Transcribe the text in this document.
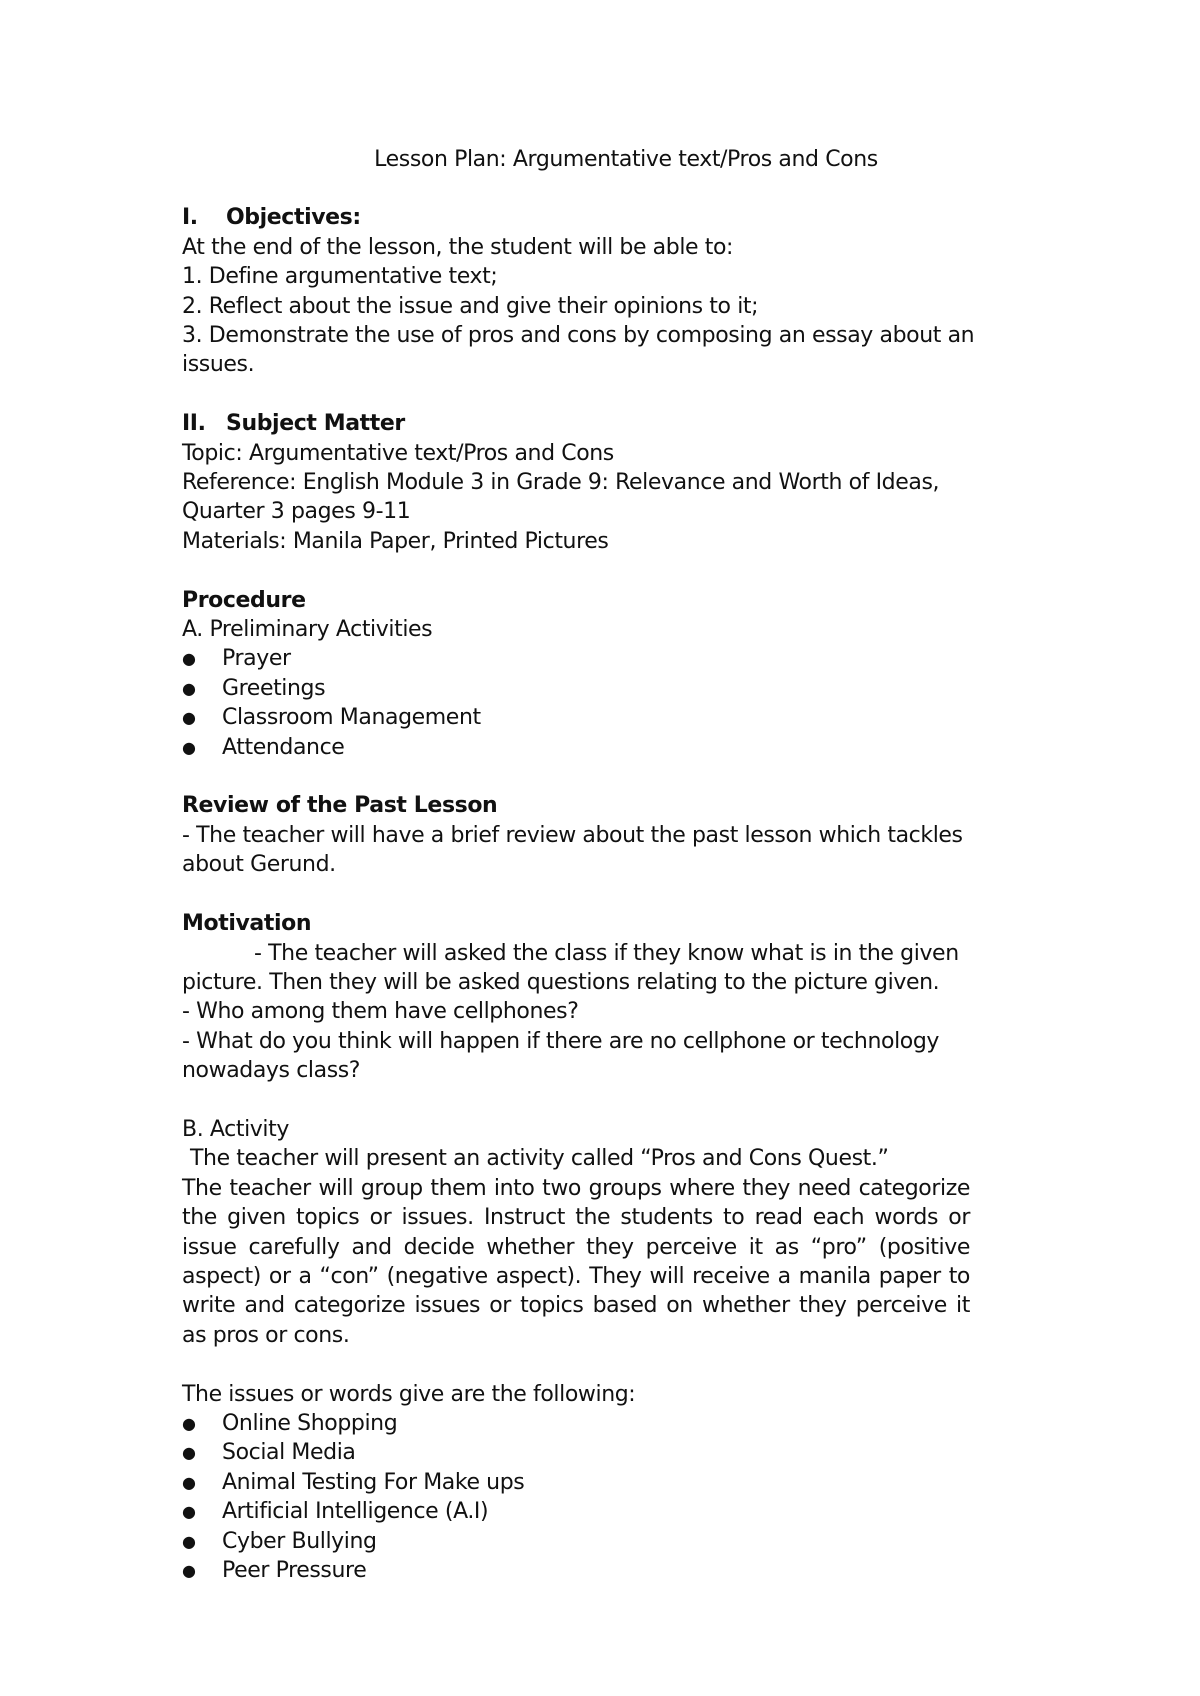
Lesson Plan: Argumentative text/Pros and Cons
I. Objectives:
At the end of the lesson, the student will be able to:
1. Define argumentative text;
2. Reflect about the issue and give their opinions to it;
3. Demonstrate the use of pros and cons by composing an essay about an
issues.
II. Subject Matter
Topic: Argumentative text/Pros and Cons
Reference: English Module 3 in Grade 9: Relevance and Worth of Ideas,
Quarter 3 pages 9-11
Materials: Manila Paper, Printed Pictures
Procedure
A. Preliminary Activities
●	Prayer
●	Greetings
●	Classroom Management
●	Attendance
Review of the Past Lesson
- The teacher will have a brief review about the past lesson which tackles
about Gerund.
Motivation
- The teacher will asked the class if they know what is in the given
picture. Then they will be asked questions relating to the picture given.
- Who among them have cellphones?
- What do you think will happen if there are no cellphone or technology
nowadays class?
B. Activity
The teacher will present an activity called “Pros and Cons Quest.”
The teacher will group them into two groups where they need categorize the given topics or issues. Instruct the students to read each words or issue carefully and decide whether they perceive it as “pro” (positive aspect) or a “con” (negative aspect). They will receive a manila paper to write and categorize issues or topics based on whether they perceive it as pros or cons.
The issues or words give are the following:
●	Online Shopping
●	Social Media
●	Animal Testing For Make ups
●	Artificial Intelligence (A.I)
●	Cyber Bullying
●	Peer Pressure
